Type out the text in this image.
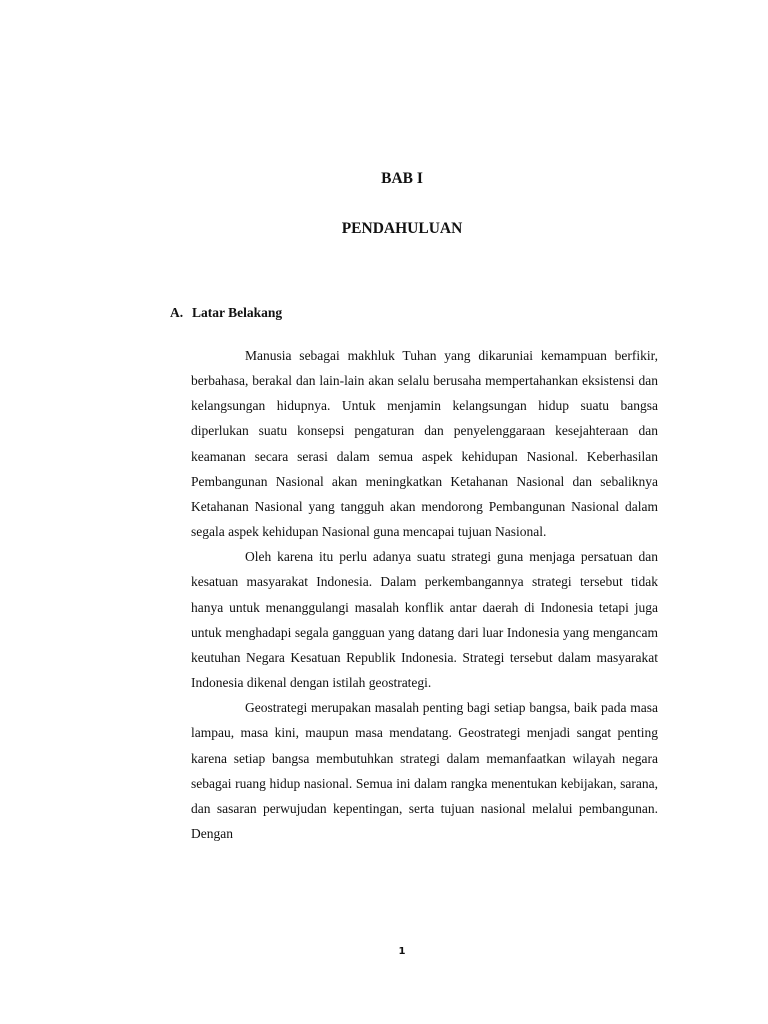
BAB I
PENDAHULUAN
A. Latar Belakang

Manusia sebagai makhluk Tuhan yang dikaruniai kemampuan berfikir, berbahasa, berakal dan lain-lain akan selalu berusaha mempertahankan eksistensi dan kelangsungan hidupnya. Untuk menjamin kelangsungan hidup suatu bangsa diperlukan suatu konsepsi pengaturan dan penyelenggaraan kesejahteraan dan keamanan secara serasi dalam semua aspek kehidupan Nasional. Keberhasilan Pembangunan Nasional akan meningkatkan Ketahanan Nasional dan sebaliknya Ketahanan Nasional yang tangguh akan mendorong Pembangunan Nasional dalam segala aspek kehidupan Nasional guna mencapai tujuan Nasional.

Oleh karena itu perlu adanya suatu strategi guna menjaga persatuan dan kesatuan masyarakat Indonesia. Dalam perkembangannya strategi tersebut tidak hanya untuk menanggulangi masalah konflik antar daerah di Indonesia tetapi juga untuk menghadapi segala gangguan yang datang dari luar Indonesia yang mengancam keutuhan Negara Kesatuan Republik Indonesia. Strategi tersebut dalam masyarakat Indonesia dikenal dengan istilah geostrategi.

Geostrategi merupakan masalah penting bagi setiap bangsa, baik pada masa lampau, masa kini, maupun masa mendatang. Geostrategi menjadi sangat penting karena setiap bangsa membutuhkan strategi dalam memanfaatkan wilayah negara sebagai ruang hidup nasional. Semua ini dalam rangka menentukan kebijakan, sarana, dan sasaran perwujudan kepentingan, serta tujuan nasional melalui pembangunan. Dengan

1
